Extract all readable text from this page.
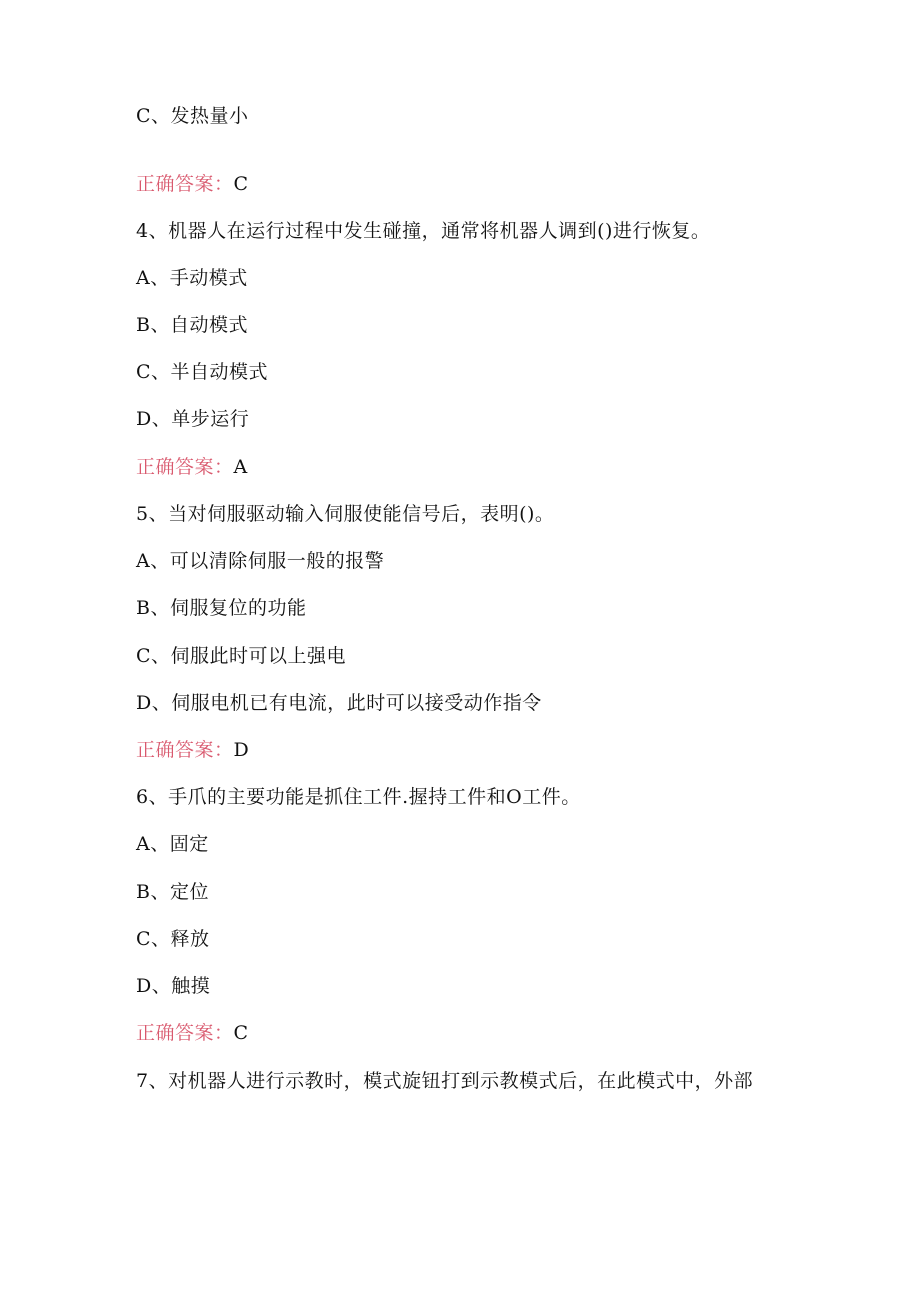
C、发热量小
正确答案：C
4、机器人在运行过程中发生碰撞，通常将机器人调到()进行恢复。
A、手动模式
B、自动模式
C、半自动模式
D、单步运行
正确答案：A
5、当对伺服驱动输入伺服使能信号后，表明()。
A、可以清除伺服一般的报警
B、伺服复位的功能
C、伺服此时可以上强电
D、伺服电机已有电流，此时可以接受动作指令
正确答案：D
6、手爪的主要功能是抓住工件.握持工件和O工件。
A、固定
B、定位
C、释放
D、触摸
正确答案：C
7、对机器人进行示教时，模式旋钮打到示教模式后，在此模式中，外部
